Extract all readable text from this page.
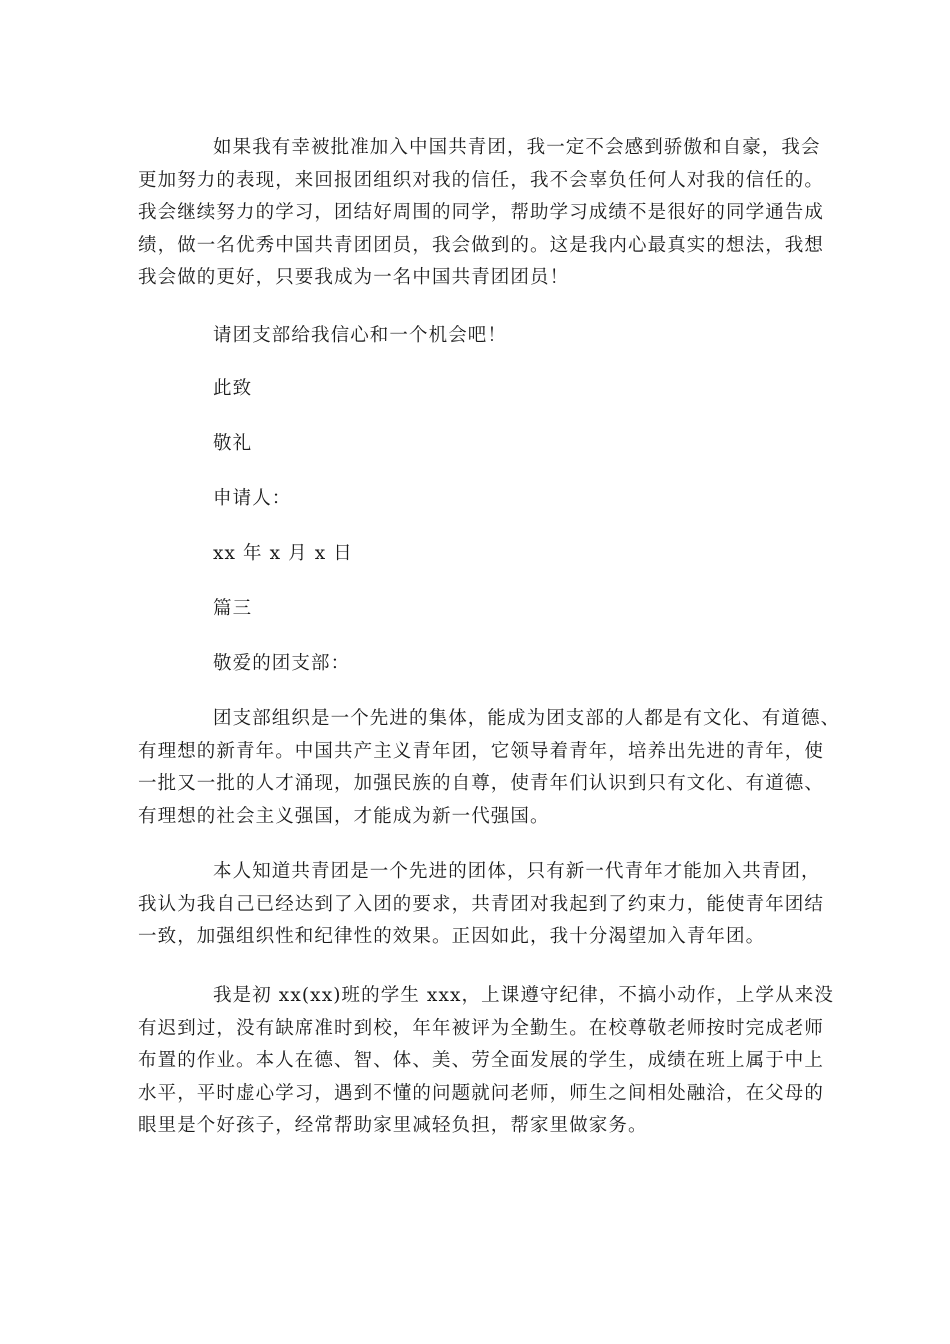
如果我有幸被批准加入中国共青团，我一定不会感到骄傲和自豪，我会
更加努力的表现，来回报团组织对我的信任，我不会辜负任何人对我的信任的。
我会继续努力的学习，团结好周围的同学，帮助学习成绩不是很好的同学通告成
绩，做一名优秀中国共青团团员，我会做到的。这是我内心最真实的想法，我想
我会做的更好，只要我成为一名中国共青团团员！

请团支部给我信心和一个机会吧！

此致

敬礼

申请人：

xx 年 x 月 x 日

篇三

敬爱的团支部：

团支部组织是一个先进的集体，能成为团支部的人都是有文化、有道德、
有理想的新青年。中国共产主义青年团，它领导着青年，培养出先进的青年，使
一批又一批的人才涌现，加强民族的自尊，使青年们认识到只有文化、有道德、
有理想的社会主义强国，才能成为新一代强国。
本人知道共青团是一个先进的团体，只有新一代青年才能加入共青团，
我认为我自己已经达到了入团的要求，共青团对我起到了约束力，能使青年团结
一致，加强组织性和纪律性的效果。正因如此，我十分渴望加入青年团。
我是初 xx(xx)班的学生 xxx，上课遵守纪律，不搞小动作，上学从来没
有迟到过，没有缺席准时到校，年年被评为全勤生。在校尊敬老师按时完成老师
布置的作业。本人在德、智、体、美、劳全面发展的学生，成绩在班上属于中上
水平，平时虚心学习，遇到不懂的问题就问老师，师生之间相处融洽，在父母的
眼里是个好孩子，经常帮助家里减轻负担，帮家里做家务。
